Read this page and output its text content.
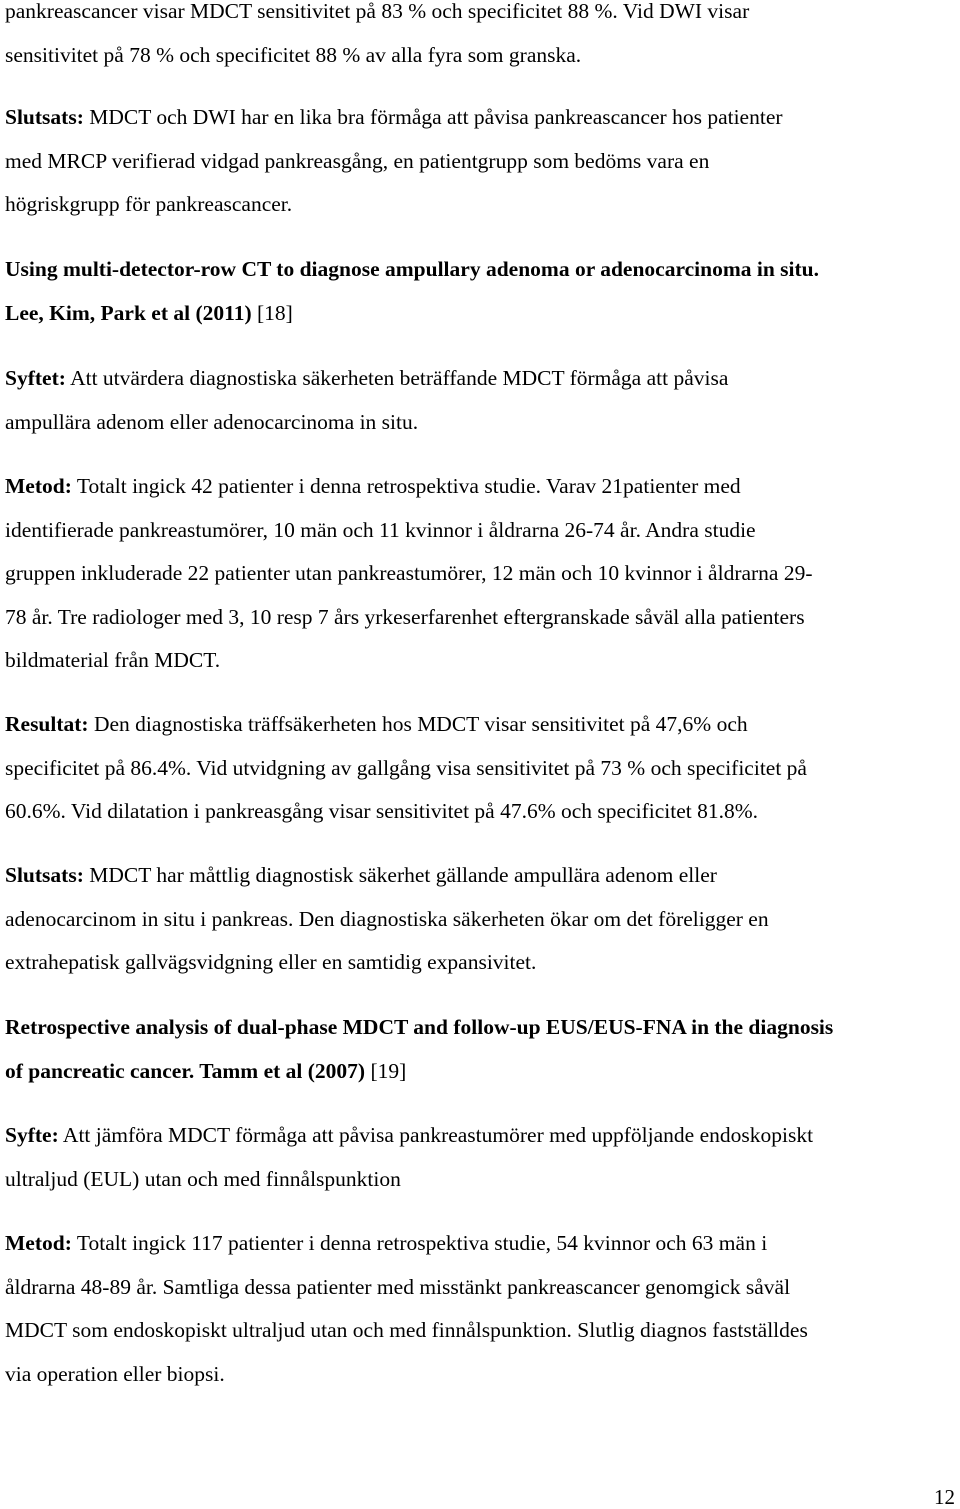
pankreascancer visar MDCT sensitivitet på 83 % och specificitet 88 %. Vid DWI visar

sensitivitet på 78 % och specificitet 88 % av alla fyra som granska.

Slutsats: MDCT och DWI har en lika bra förmåga att påvisa pankreascancer hos patienter

med MRCP verifierad vidgad pankreasgång, en patientgrupp som bedöms vara en

högriskgrupp för pankreascancer.

Using multi-detector-row CT to diagnose ampullary adenoma or adenocarcinoma in situ.

Lee, Kim, Park et al (2011) [18]

Syftet: Att utvärdera diagnostiska säkerheten beträffande MDCT förmåga att påvisa

ampullära adenom eller adenocarcinoma in situ.

Metod: Totalt ingick 42 patienter i denna retrospektiva studie. Varav 21patienter med

identifierade pankreastumörer, 10 män och 11 kvinnor i åldrarna 26-74 år. Andra studie

gruppen inkluderade 22 patienter utan pankreastumörer, 12 män och 10 kvinnor i åldrarna 29-

78 år. Tre radiologer med 3, 10 resp 7 års yrkeserfarenhet eftergranskade såväl alla patienters

bildmaterial från MDCT.

Resultat: Den diagnostiska träffsäkerheten hos MDCT visar sensitivitet på 47,6% och

specificitet på 86.4%. Vid utvidgning av gallgång visa sensitivitet på 73 % och specificitet på

60.6%. Vid dilatation i pankreasgång visar sensitivitet på 47.6% och specificitet 81.8%.

Slutsats: MDCT har måttlig diagnostisk säkerhet gällande ampullära adenom eller

adenocarcinom in situ i pankreas. Den diagnostiska säkerheten ökar om det föreligger en

extrahepatisk gallvägsvidgning eller en samtidig expansivitet.

Retrospective analysis of dual-phase MDCT and follow-up EUS/EUS-FNA in the diagnosis

of pancreatic cancer. Tamm et al (2007) [19]

Syfte: Att jämföra MDCT förmåga att påvisa pankreastumörer med uppföljande endoskopiskt

ultraljud (EUL) utan och med finnålspunktion

Metod: Totalt ingick 117 patienter i denna retrospektiva studie, 54 kvinnor och 63 män i

åldrarna 48-89 år. Samtliga dessa patienter med misstänkt pankreascancer genomgick såväl

MDCT som endoskopiskt ultraljud utan och med finnålspunktion. Slutlig diagnos fastställdes

via operation eller biopsi.

12
